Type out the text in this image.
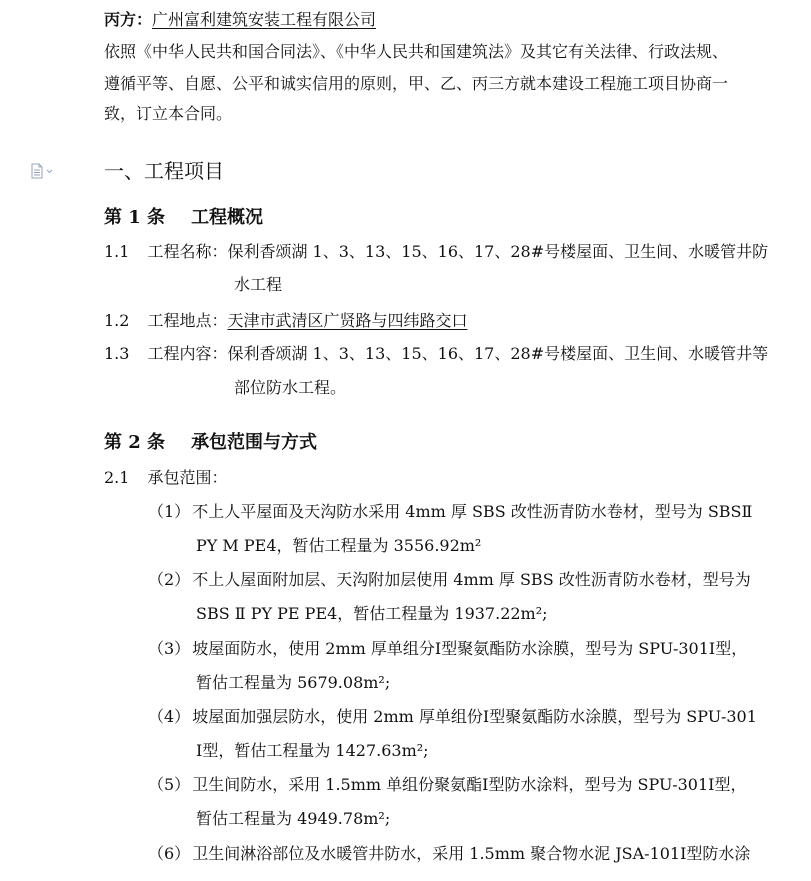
丙方：广州富利建筑安装工程有限公司
依照《中华人民共和国合同法》、《中华人民共和国建筑法》及其它有关法律、行政法规、
遵循平等、自愿、公平和诚实信用的原则，甲、乙、丙三方就本建设工程施工项目协商一
致，订立本合同。
一、工程项目
第 1 条 工程概况
1.1 工程名称：保利香颂湖 1、3、13、15、16、17、28#号楼屋面、卫生间、水暖管井防
水工程
1.2 工程地点：天津市武清区广贤路与四纬路交口
1.3 工程内容：保利香颂湖 1、3、13、15、16、17、28#号楼屋面、卫生间、水暖管井等
部位防水工程。
第 2 条 承包范围与方式
2.1 承包范围：
（1） 不上人平屋面及天沟防水采用 4mm 厚 SBS 改性沥青防水卷材，型号为 SBSⅡ
PY M PE4，暂估工程量为 3556.92m²
（2） 不上人屋面附加层、天沟附加层使用 4mm 厚 SBS 改性沥青防水卷材，型号为
SBS Ⅱ PY PE PE4，暂估工程量为 1937.22m²;
（3） 坡屋面防水，使用 2mm 厚单组分Ⅰ型聚氨酯防水涂膜，型号为 SPU-301Ⅰ型，
暂估工程量为 5679.08m²;
（4） 坡屋面加强层防水，使用 2mm 厚单组份Ⅰ型聚氨酯防水涂膜，型号为 SPU-301
Ⅰ型，暂估工程量为 1427.63m²;
（5） 卫生间防水，采用 1.5mm 单组份聚氨酯Ⅰ型防水涂料，型号为 SPU-301Ⅰ型，
暂估工程量为 4949.78m²;
（6） 卫生间淋浴部位及水暖管井防水，采用 1.5mm 聚合物水泥 JSA-101Ⅰ型防水涂
